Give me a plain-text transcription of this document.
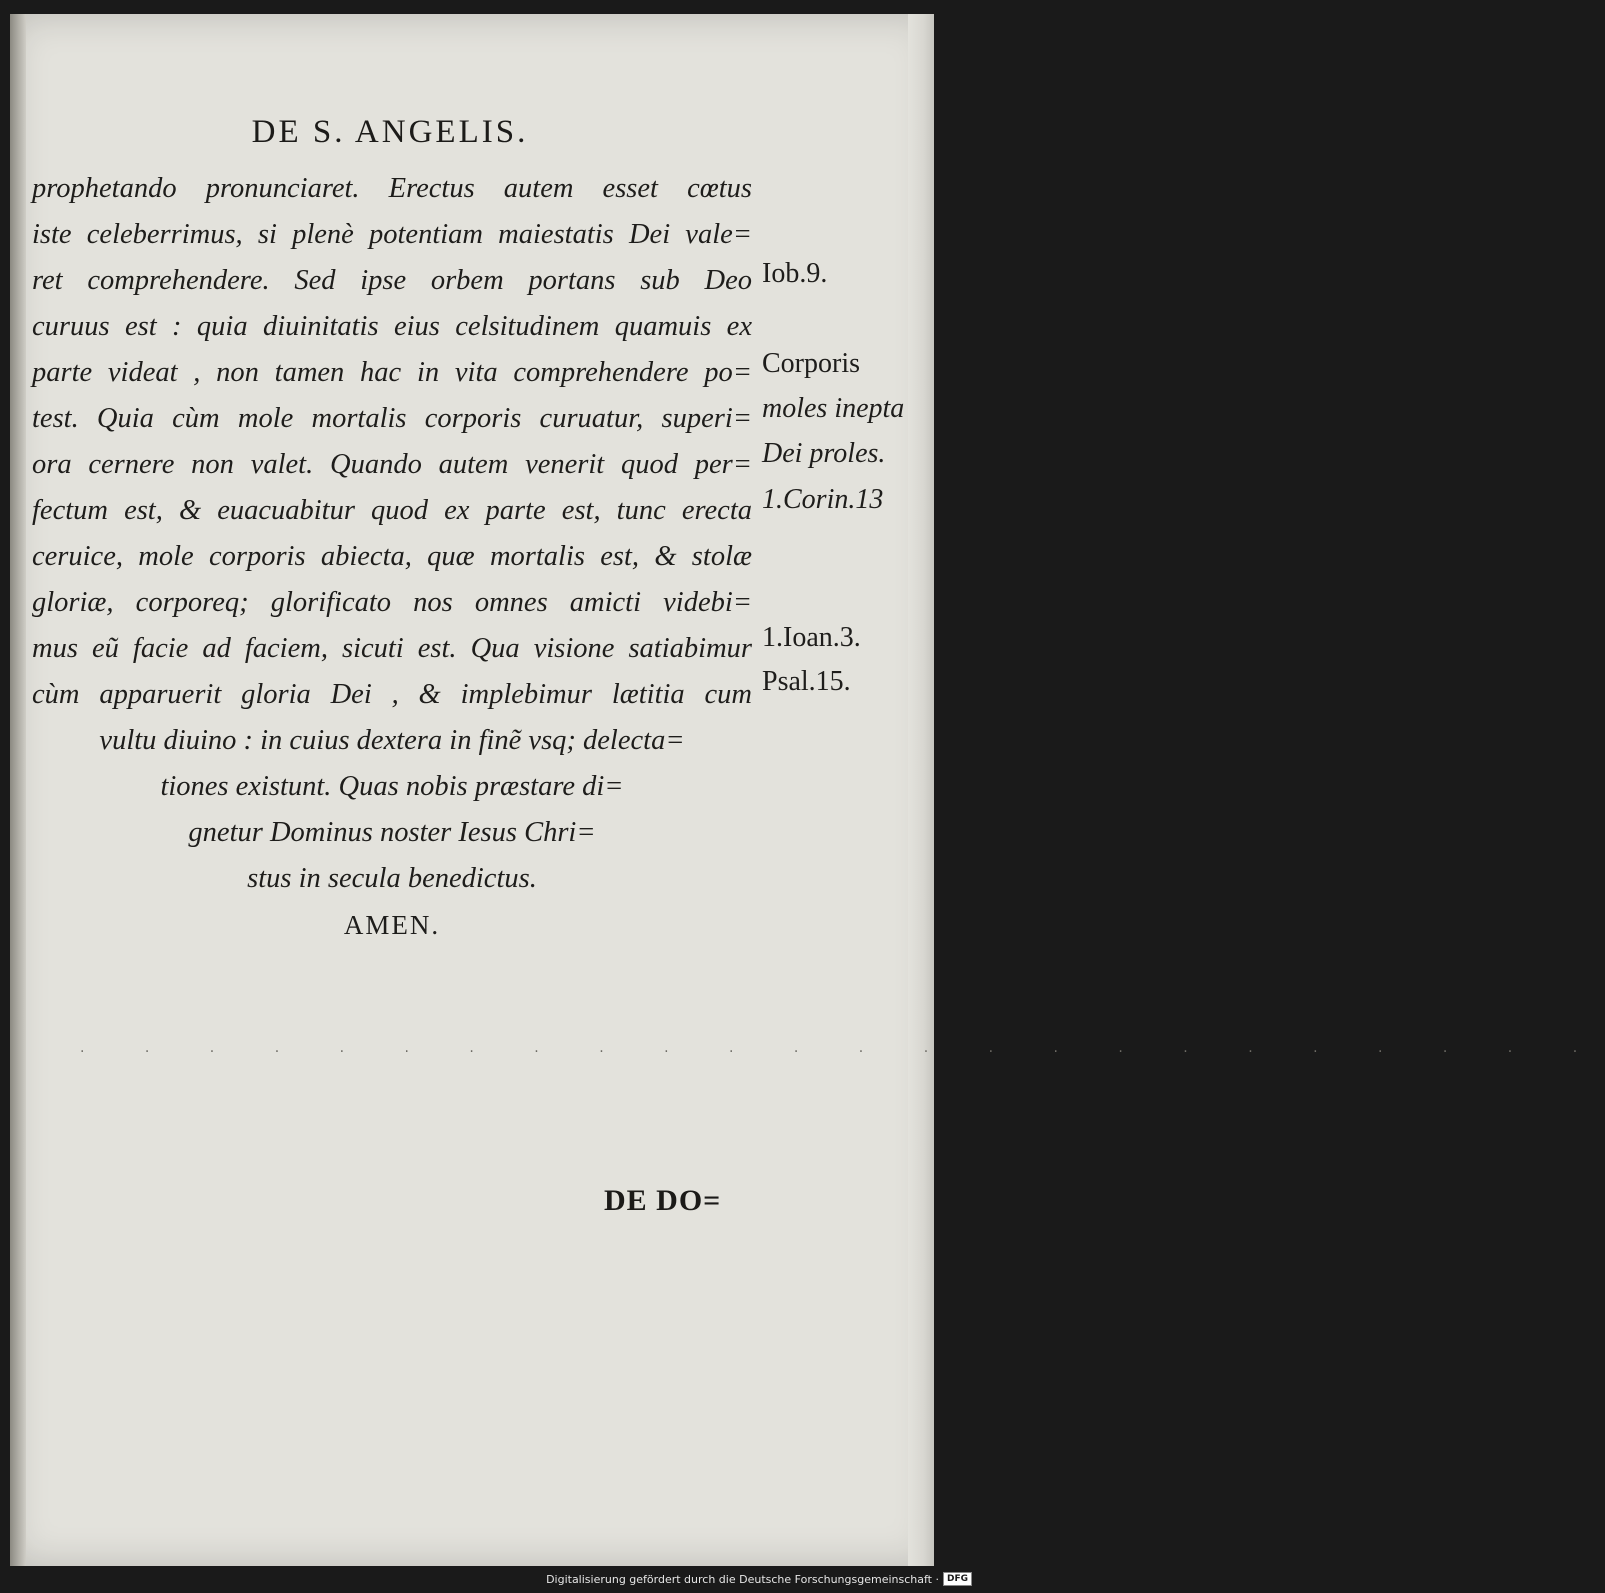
DE S. ANGELIS.
prophetando pronunciaret. Erectus autem esset cœtus
iste celeberrimus, si plenè potentiam maiestatis Dei vale=
ret comprehendere. Sed ipse orbem portans sub Deo
curuus est : quia diuinitatis eius celsitudinem quamuis ex
parte videat , non tamen hac in vita comprehendere po=
test. Quia cùm mole mortalis corporis curuatur, superi=
ora cernere non valet. Quando autem venerit quod per=
fectum est, & euacuabitur quod ex parte est, tunc erecta
ceruice, mole corporis abiecta, quæ mortalis est, & stolæ
gloriæ, corporeq; glorificato nos omnes amicti videbi=
mus eũ facie ad faciem, sicuti est. Qua visione satiabimur
cùm apparuerit gloria Dei , & implebimur lætitia cum
vultu diuino : in cuius dextera in finẽ vsq; delecta=
tiones existunt. Quas nobis præstare di=
gnetur Dominus noster Iesus Chri=
stus in secula benedictus.
AMEN.
Iob.9.
Corporis
moles inepta
Dei proles.
1.Corin.13
1.Ioan.3.
Psal.15.
· · · · · · · · · · · · · · · · · · · · · · · ·
DE DO=
Digitalisierung gefördert durch die Deutsche Forschungsgemeinschaft · DFG
